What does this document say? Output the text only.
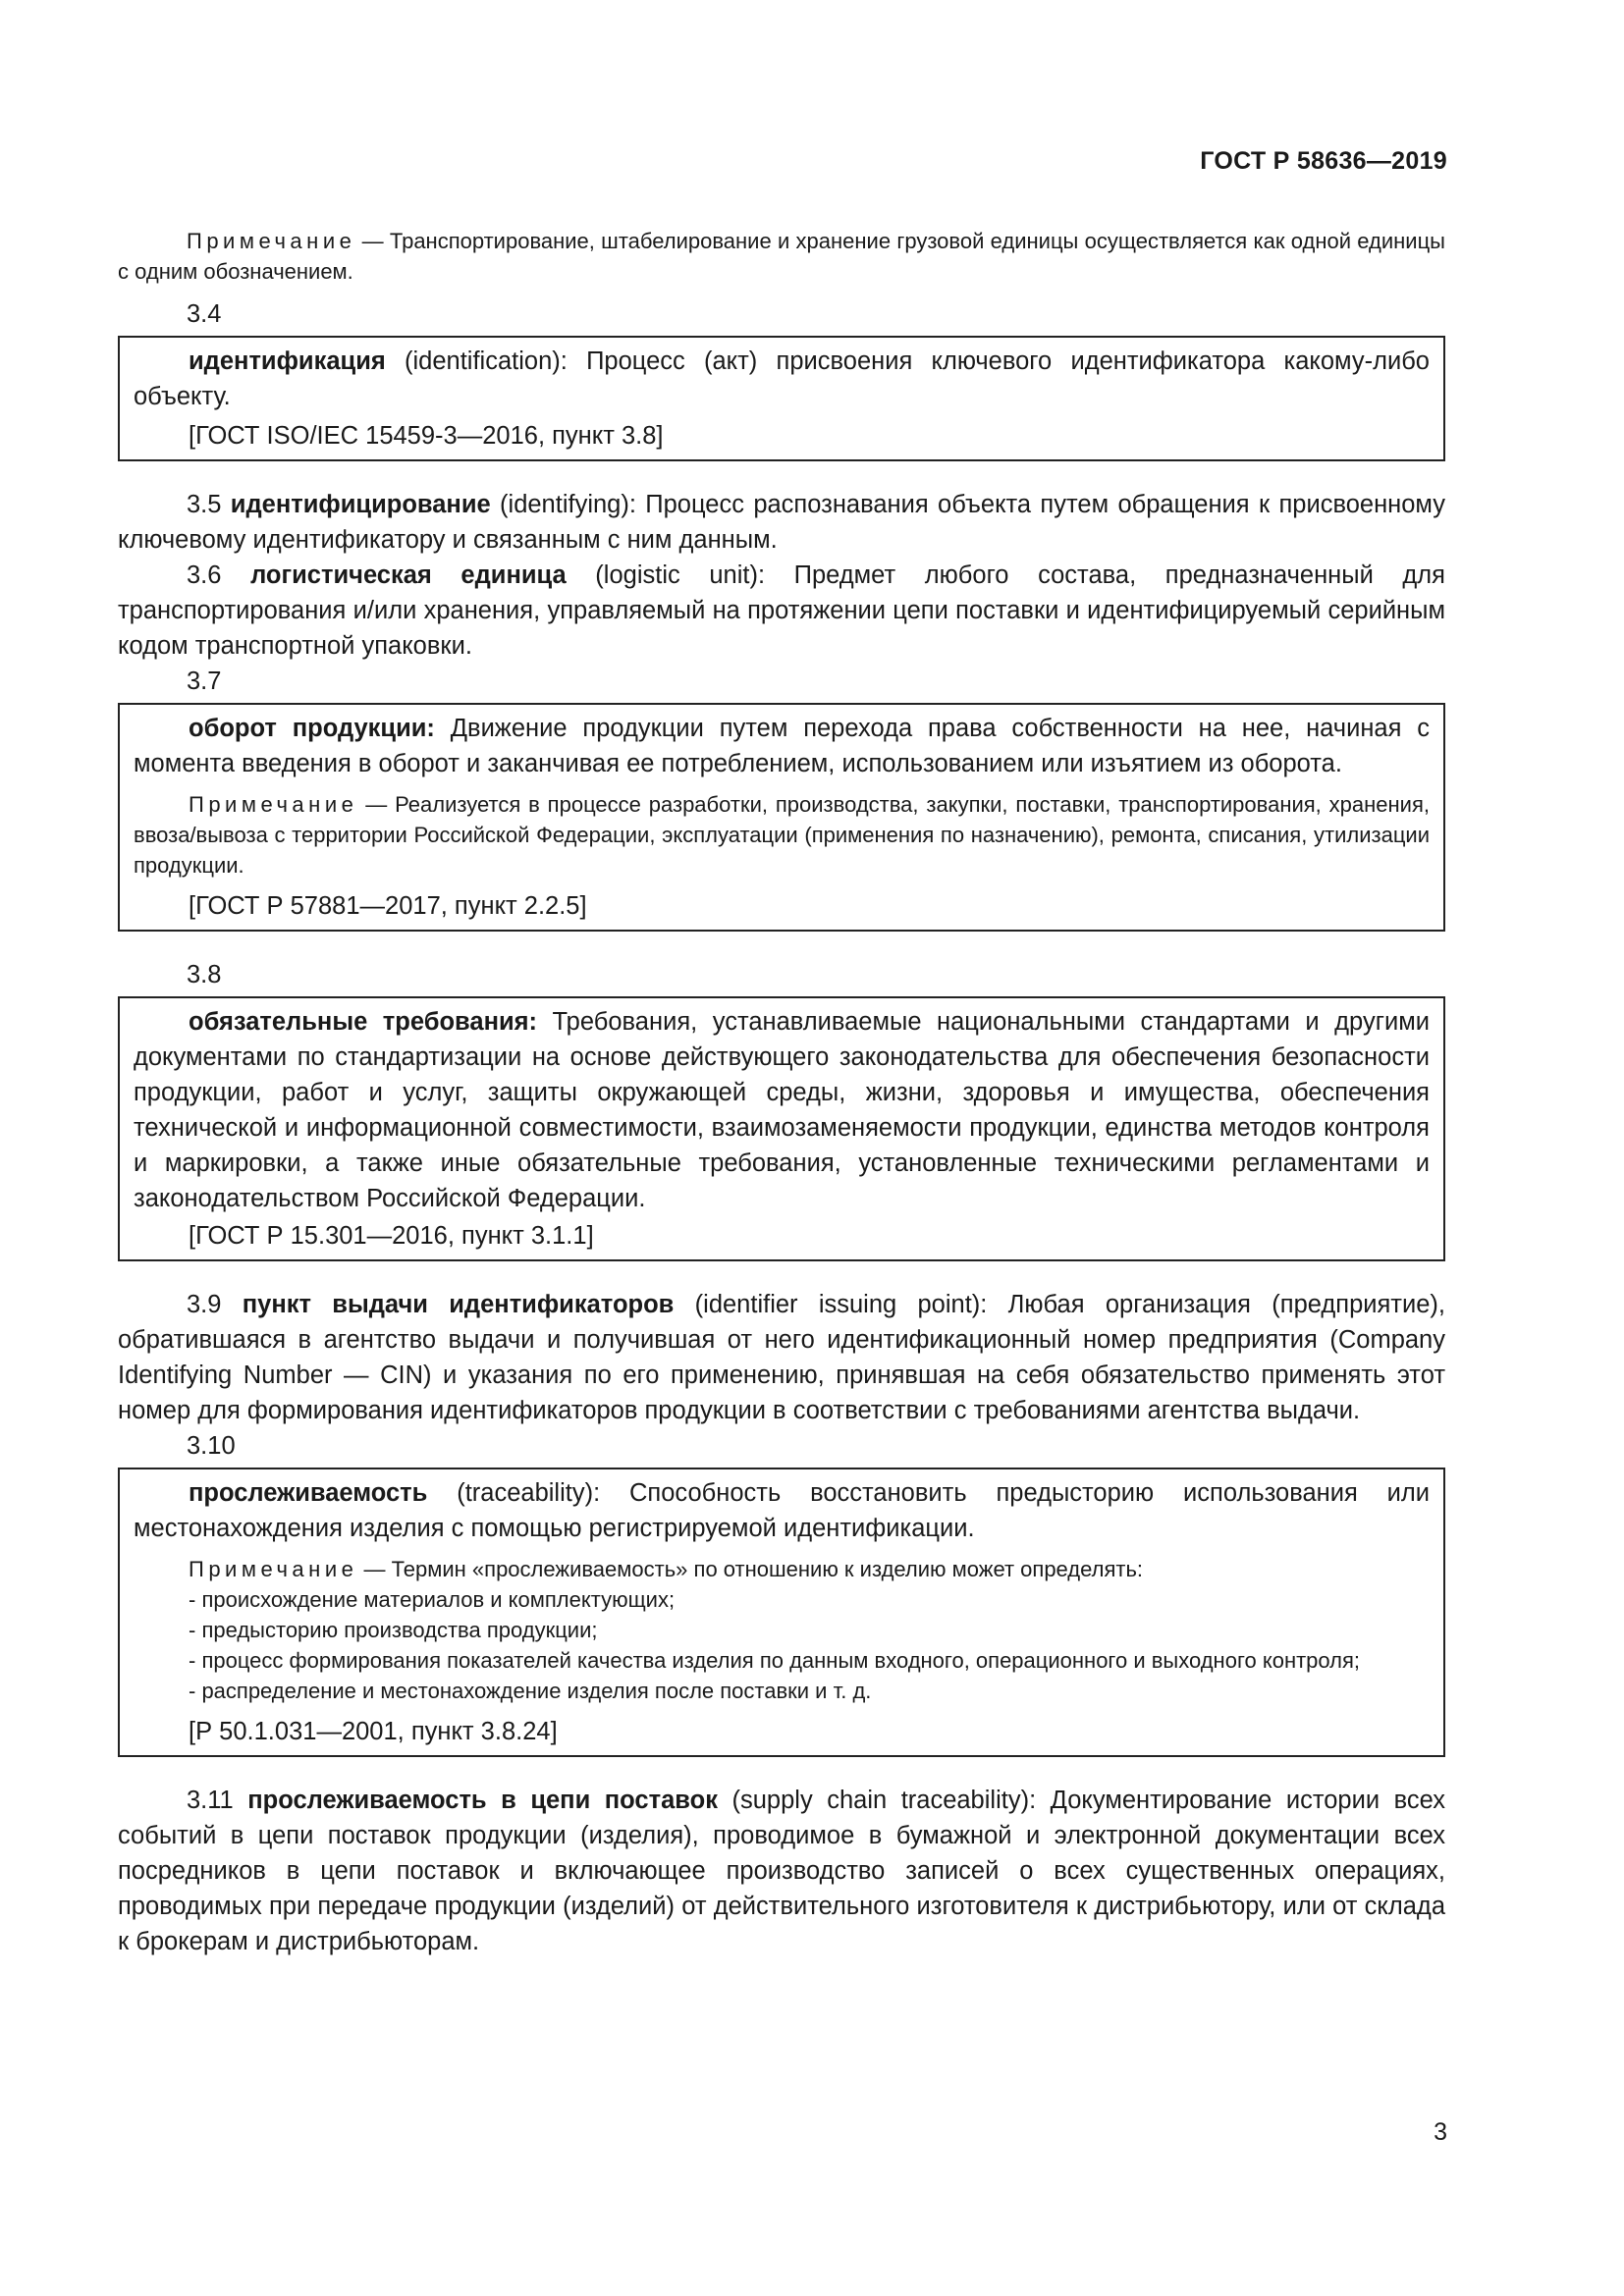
ГОСТ Р 58636—2019

Примечание — Транспортирование, штабелирование и хранение грузовой единицы осуществляется как одной единицы с одним обозначением.

3.4

идентификация (identification): Процесс (акт) присвоения ключевого идентификатора какому-либо объекту.

[ГОСТ ISO/IEC 15459-3—2016, пункт 3.8]

3.5 идентифицирование (identifying): Процесс распознавания объекта путем обращения к присвоенному ключевому идентификатору и связанным с ним данным.

3.6 логистическая единица (logistic unit): Предмет любого состава, предназначенный для транспортирования и/или хранения, управляемый на протяжении цепи поставки и идентифицируемый серийным кодом транспортной упаковки.

3.7

оборот продукции: Движение продукции путем перехода права собственности на нее, начиная с момента введения в оборот и заканчивая ее потреблением, использованием или изъятием из оборота.

Примечание — Реализуется в процессе разработки, производства, закупки, поставки, транспортирования, хранения, ввоза/вывоза с территории Российской Федерации, эксплуатации (применения по назначению), ремонта, списания, утилизации продукции.

[ГОСТ Р 57881—2017, пункт 2.2.5]

3.8

обязательные требования: Требования, устанавливаемые национальными стандартами и другими документами по стандартизации на основе действующего законодательства для обеспечения безопасности продукции, работ и услуг, защиты окружающей среды, жизни, здоровья и имущества, обеспечения технической и информационной совместимости, взаимозаменяемости продукции, единства методов контроля и маркировки, а также иные обязательные требования, установленные техническими регламентами и законодательством Российской Федерации.

[ГОСТ Р 15.301—2016, пункт 3.1.1]

3.9 пункт выдачи идентификаторов (identifier issuing point): Любая организация (предприятие), обратившаяся в агентство выдачи и получившая от него идентификационный номер предприятия (Company Identifying Number — CIN) и указания по его применению, принявшая на себя обязательство применять этот номер для формирования идентификаторов продукции в соответствии с требованиями агентства выдачи.

3.10

прослеживаемость (traceability): Способность восстановить предысторию использования или местонахождения изделия с помощью регистрируемой идентификации.

Примечание — Термин «прослеживаемость» по отношению к изделию может определять:

- происхождение материалов и комплектующих;

- предысторию производства продукции;

- процесс формирования показателей качества изделия по данным входного, операционного и выходного контроля;

- распределение и местонахождение изделия после поставки и т. д.

[Р 50.1.031—2001, пункт 3.8.24]

3.11 прослеживаемость в цепи поставок (supply chain traceability): Документирование истории всех событий в цепи поставок продукции (изделия), проводимое в бумажной и электронной документации всех посредников в цепи поставок и включающее производство записей о всех существенных операциях, проводимых при передаче продукции (изделий) от действительного изготовителя к дистрибьютору, или от склада к брокерам и дистрибьюторам.

3
